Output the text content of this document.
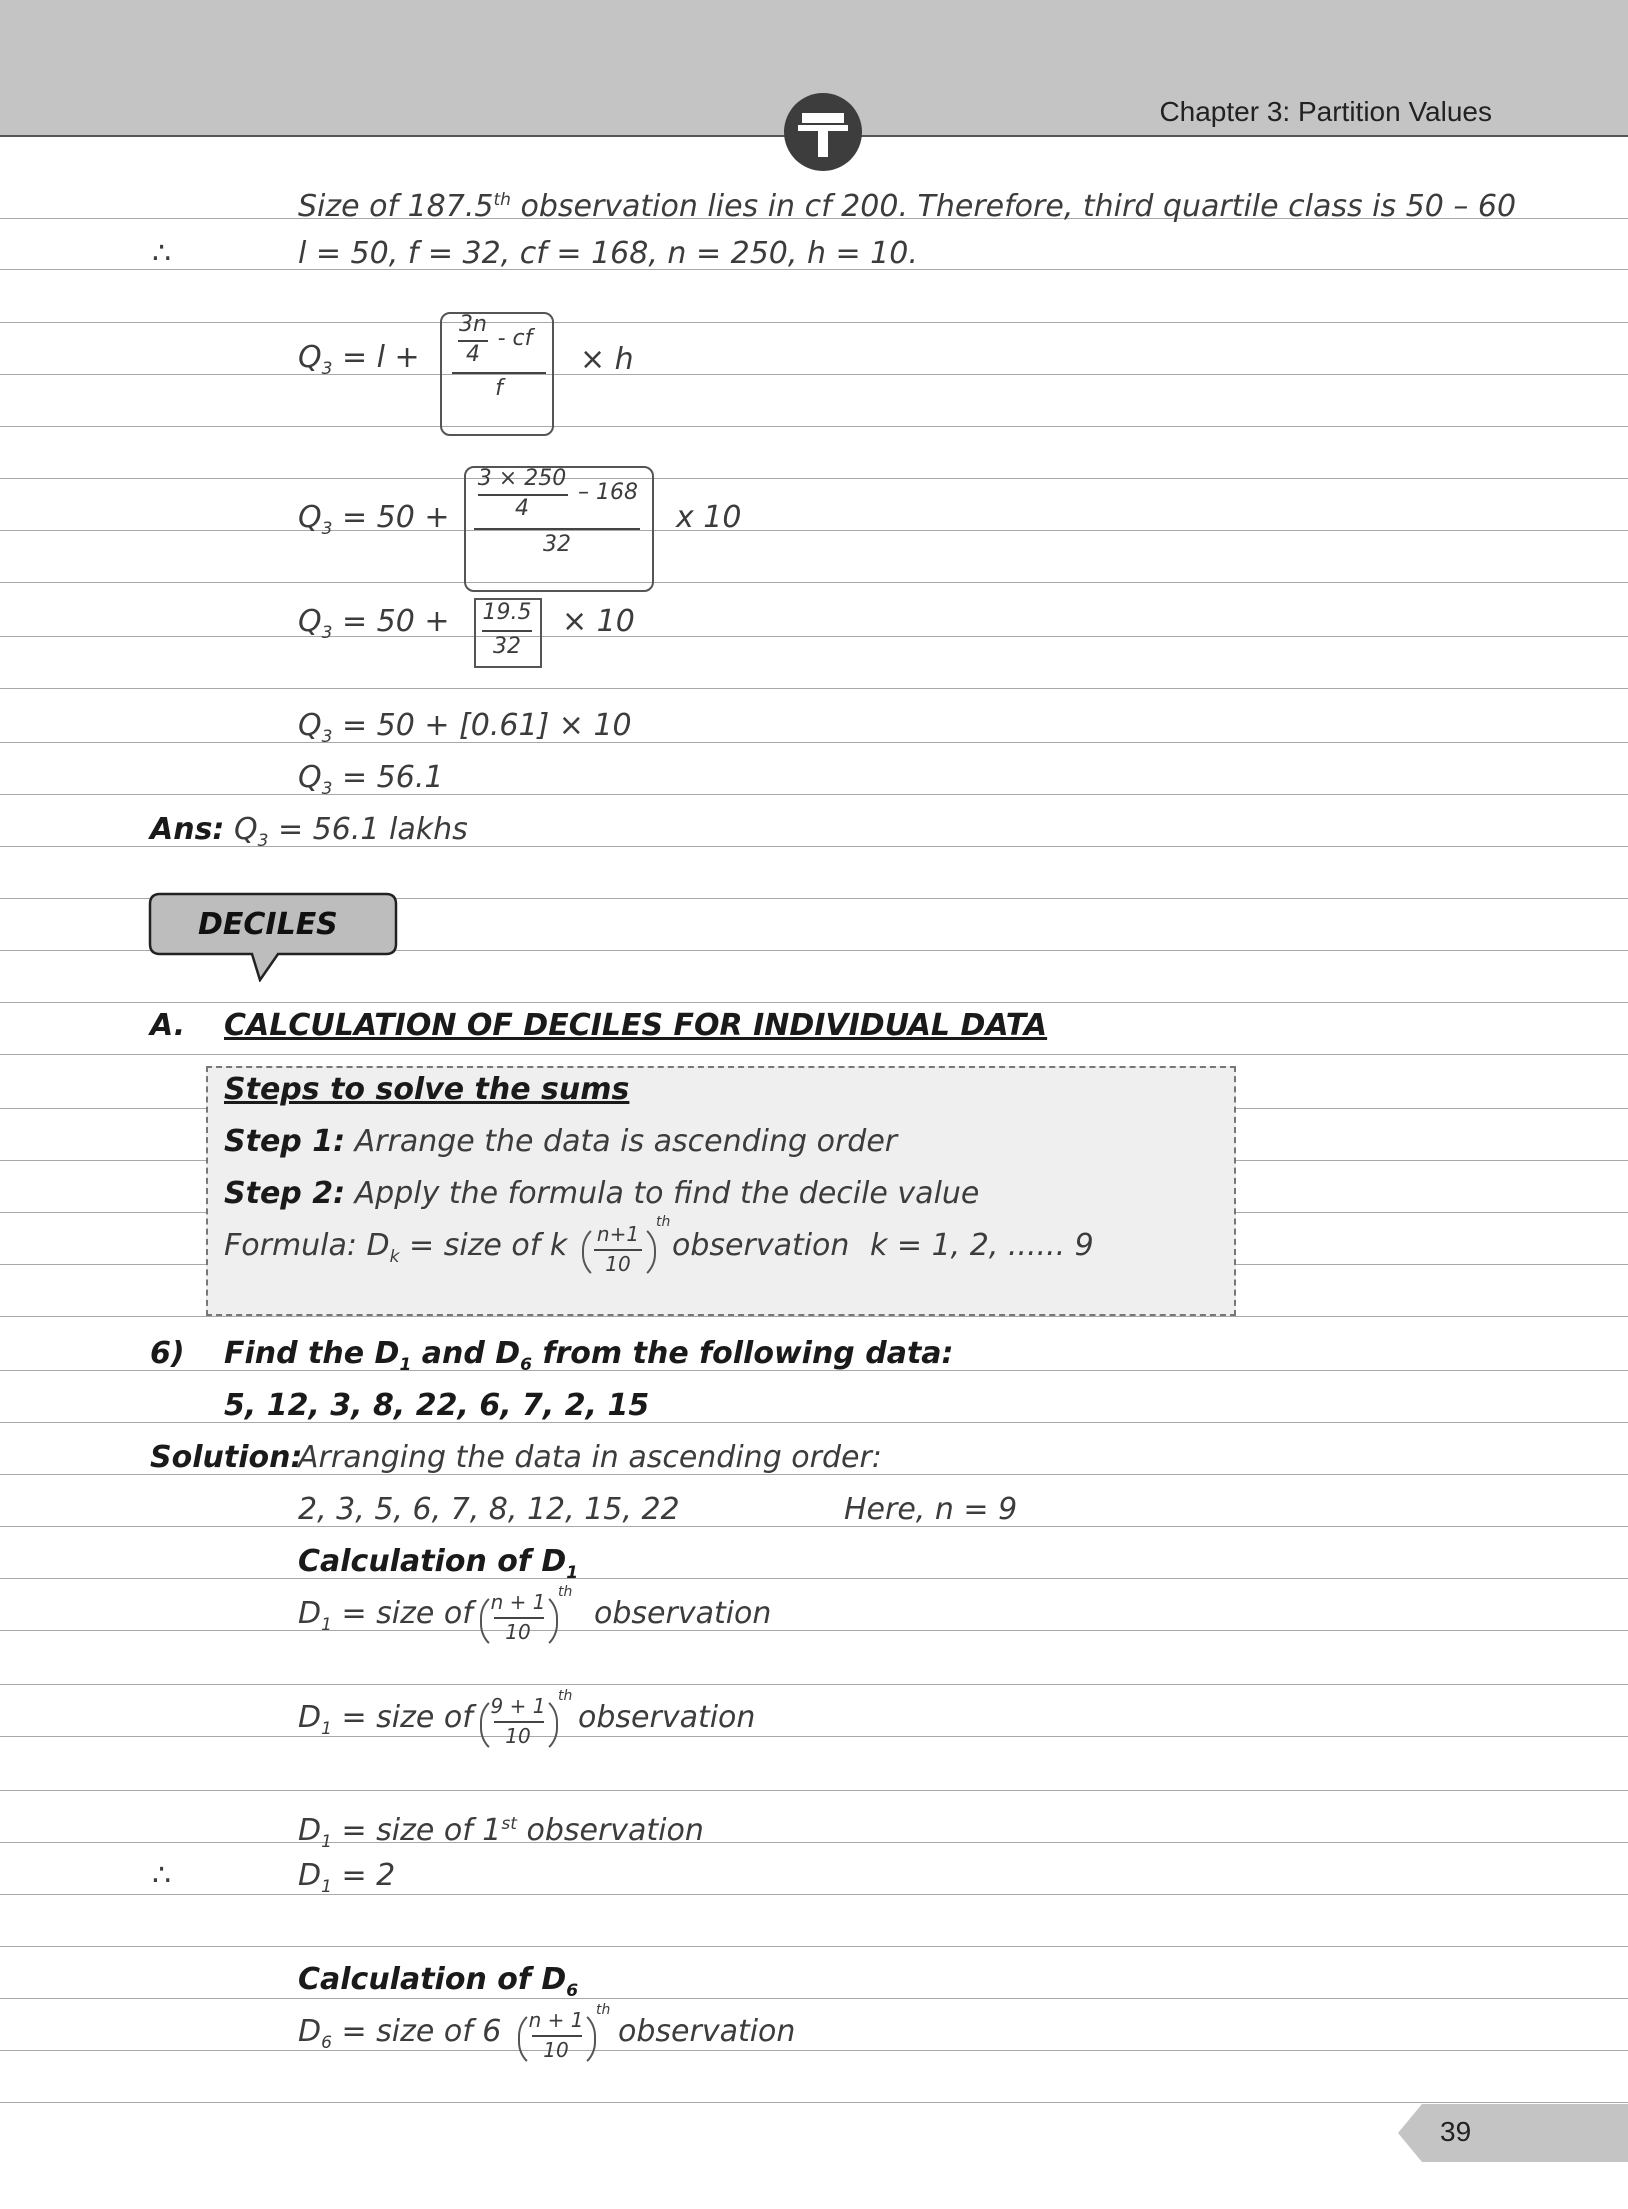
Chapter 3: Partition Values
Size of 187.5th observation lies in cf 200. Therefore, third quartile class is 50 – 60
∴	l = 50, f = 32, cf = 168, n = 250, h = 10.
$Q_3 = l$ +
3n
4
- cf
f
× h
$Q_3 = 50$ +
3 × 250
4
– 168
32
x 10
$Q_3 = 50$ +	19.5
32
× 10
$Q_3 = 50 + [0.61] \times 10$
$Q_3 = 56.1$
Ans: $Q_3 = 56.1$ lakhs
DECILES
A. CALCULATION OF DECILES FOR INDIVIDUAL DATA
Steps to solve the sums
Step 1: Arrange the data is ascending order
Step 2: Apply the formula to find the decile value
Formula: $D_k$ = size of k	n+1
10
th
observation k = 1, 2, ...... 9
6) Find the $D_1$ and $D_6$ from the following data:
5, 12, 3, 8, 22, 6, 7, 2, 15
Solution:
Arranging the data in ascending order:
2, 3, 5, 6, 7, 8, 12, 15, 22	Here, n = 9
Calculation of $D_1$
$D_1$ = size of n + 1
10
th
observation
$D_1$ = size of 9 + 1
10
th
observation
$D_1$ = size of 1st observation
∴	$D_1 = 2$
Calculation of $D_6$
$D_6$ = size of 6	n + 1
10
th
observation
39
